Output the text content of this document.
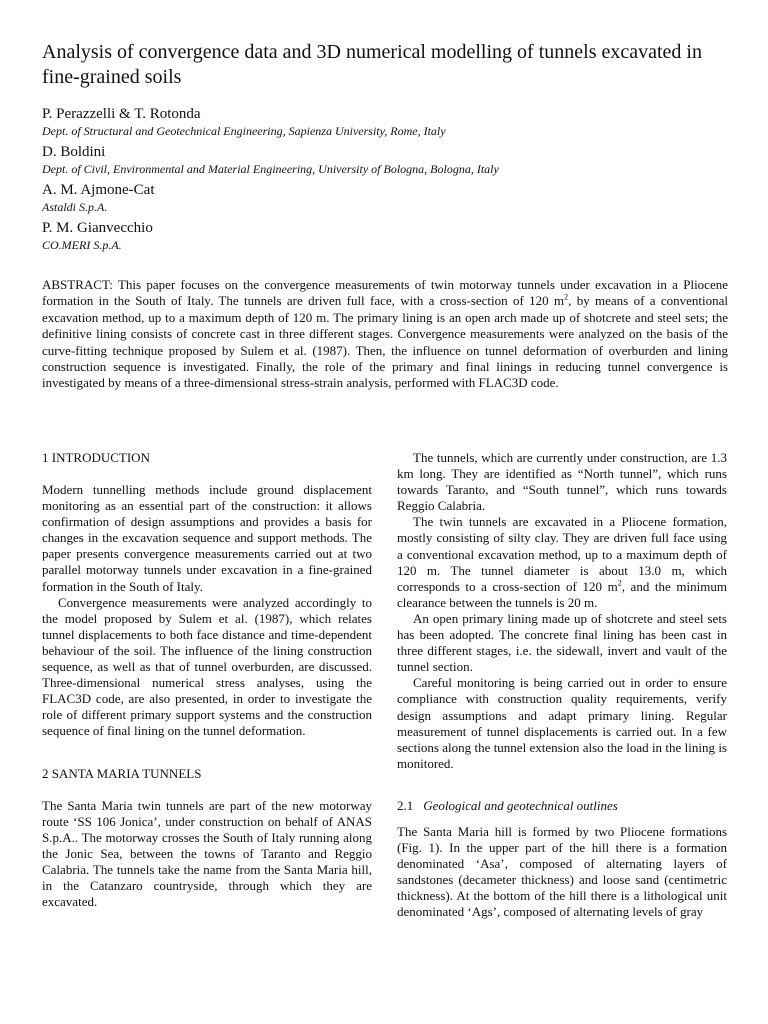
Analysis of convergence data and 3D numerical modelling of tunnels excavated in fine-grained soils
P. Perazzelli & T. Rotonda
Dept. of Structural and Geotechnical Engineering, Sapienza University, Rome, Italy
D. Boldini
Dept. of Civil, Environmental and Material Engineering, University of Bologna, Bologna, Italy
A. M. Ajmone-Cat
Astaldi S.p.A.
P. M. Gianvecchio
CO.MERI S.p.A.
ABSTRACT: This paper focuses on the convergence measurements of twin motorway tunnels under excavation in a Pliocene formation in the South of Italy. The tunnels are driven full face, with a cross-section of 120 $m^2$, by means of a conventional excavation method, up to a maximum depth of 120 m. The primary lining is an open arch made up of shotcrete and steel sets; the definitive lining consists of concrete cast in three different stages. Convergence measurements were analyzed on the basis of the curve-fitting technique proposed by Sulem et al. (1987). Then, the influence on tunnel deformation of overburden and lining construction sequence is investigated. Finally, the role of the primary and final linings in reducing tunnel convergence is investigated by means of a three-dimensional stress-strain analysis, performed with FLAC3D code.
1 INTRODUCTION

Modern tunnelling methods include ground displacement monitoring as an essential part of the construction: it allows confirmation of design assumptions and provides a basis for changes in the excavation sequence and support methods. The paper presents convergence measurements carried out at two parallel motorway tunnels under excavation in a fine-grained formation in the South of Italy.

Convergence measurements were analyzed accordingly to the model proposed by Sulem et al. (1987), which relates tunnel displacements to both face distance and time-dependent behaviour of the soil. The influence of the lining construction sequence, as well as that of tunnel overburden, are discussed. Three-dimensional numerical stress analyses, using the FLAC3D code, are also presented, in order to investigate the role of different primary support systems and the construction sequence of final lining on the tunnel deformation.

2 SANTA MARIA TUNNELS

The Santa Maria twin tunnels are part of the new motorway route ‘SS 106 Jonica’, under construction on behalf of ANAS S.p.A.. The motorway crosses the South of Italy running along the Jonic Sea, between the towns of Taranto and Reggio Calabria. The tunnels take the name from the Santa Maria hill, in the Catanzaro countryside, through which they are excavated.

The tunnels, which are currently under construction, are 1.3 km long. They are identified as “North tunnel”, which runs towards Taranto, and “South tunnel”, which runs towards Reggio Calabria.

The twin tunnels are excavated in a Pliocene formation, mostly consisting of silty clay. They are driven full face using a conventional excavation method, up to a maximum depth of 120 m. The tunnel diameter is about 13.0 m, which corresponds to a cross-section of 120 $m^2$, and the minimum clearance between the tunnels is 20 m.

An open primary lining made up of shotcrete and steel sets has been adopted. The concrete final lining has been cast in three different stages, i.e. the sidewall, invert and vault of the tunnel section.

Careful monitoring is being carried out in order to ensure compliance with construction quality requirements, verify design assumptions and adapt primary lining. Regular measurement of tunnel displacements is carried out. In a few sections along the tunnel extension also the load in the lining is monitored.

2.1 Geological and geotechnical outlines

The Santa Maria hill is formed by two Pliocene formations (Fig. 1). In the upper part of the hill there is a formation denominated ‘Asa’, composed of alternating layers of sandstones (decameter thickness) and loose sand (centimetric thickness). At the bottom of the hill there is a lithological unit denominated ‘Ags’, composed of alternating levels of gray
